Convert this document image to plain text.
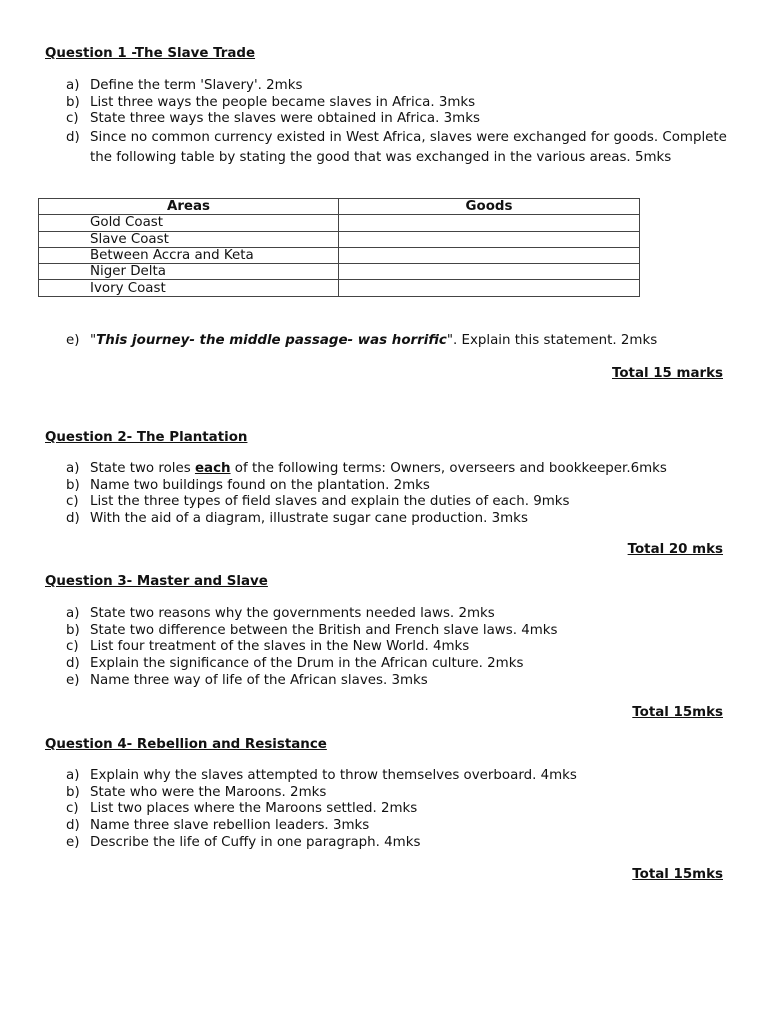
Question 1 -The Slave Trade
a) Define the term 'Slavery'. 2mks
b) List three ways the people became slaves in Africa. 3mks
c) State three ways the slaves were obtained in Africa. 3mks
d) Since no common currency existed in West Africa, slaves were exchanged for goods. Complete the following table by stating the good that was exchanged in the various areas. 5mks
Areas	Goods
Gold Coast	
Slave Coast	
Between Accra and Keta	
Niger Delta	
Ivory Coast	
e) "This journey- the middle passage- was horrific". Explain this statement. 2mks
Total 15 marks
Question 2- The Plantation
a) State two roles each of the following terms: Owners, overseers and bookkeeper.6mks
b) Name two buildings found on the plantation. 2mks
c) List the three types of field slaves and explain the duties of each. 9mks
d) With the aid of a diagram, illustrate sugar cane production. 3mks
Total 20 mks
Question 3- Master and Slave
a) State two reasons why the governments needed laws. 2mks
b) State two difference between the British and French slave laws. 4mks
c) List four treatment of the slaves in the New World. 4mks
d) Explain the significance of the Drum in the African culture. 2mks
e) Name three way of life of the African slaves. 3mks
Total 15mks
Question 4- Rebellion and Resistance
a) Explain why the slaves attempted to throw themselves overboard. 4mks
b) State who were the Maroons. 2mks
c) List two places where the Maroons settled. 2mks
d) Name three slave rebellion leaders. 3mks
e) Describe the life of Cuffy in one paragraph. 4mks
Total 15mks
